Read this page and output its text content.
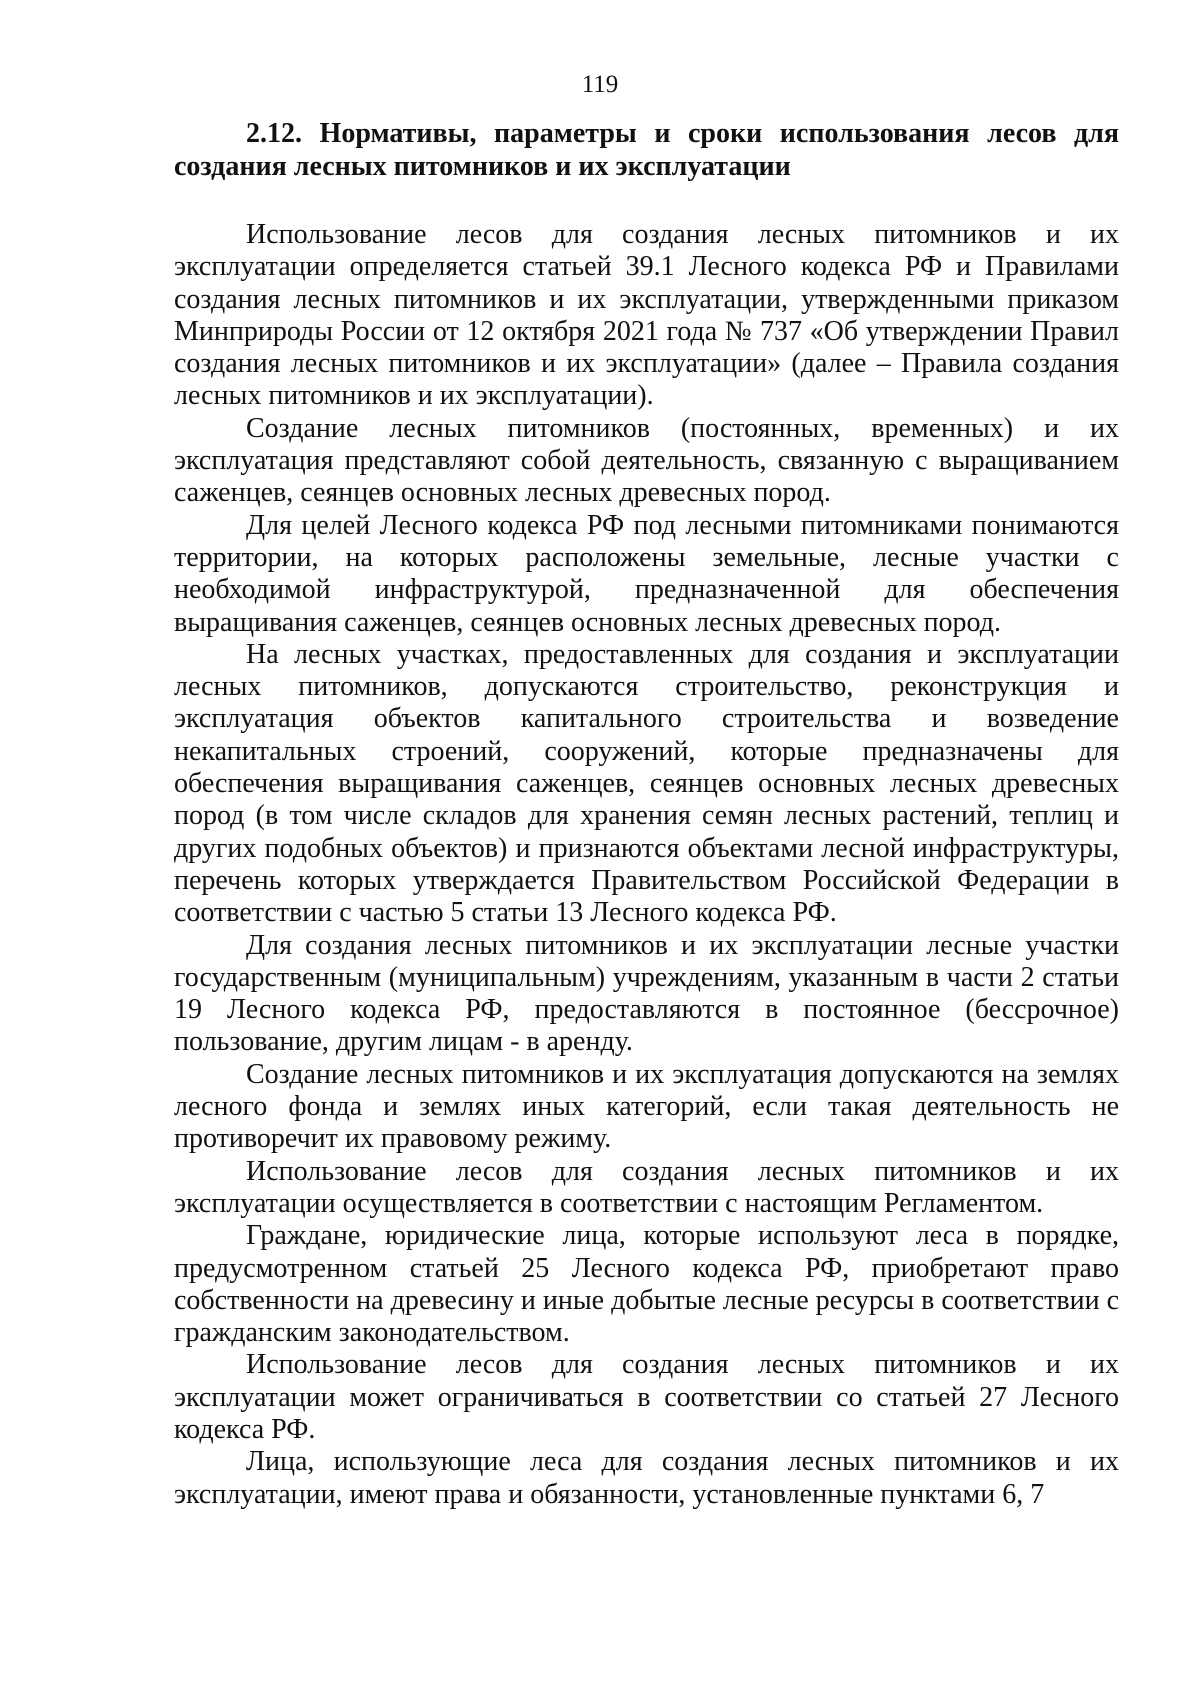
119

2.12. Нормативы, параметры и сроки использования лесов для создания лесных питомников и их эксплуатации

Использование лесов для создания лесных питомников и их эксплуатации определяется статьей 39.1 Лесного кодекса РФ и Правилами создания лесных питомников и их эксплуатации, утвержденными приказом Минприроды России от 12 октября 2021 года № 737 «Об утверждении Правил создания лесных питомников и их эксплуатации» (далее – Правила создания лесных питомников и их эксплуатации).

Создание лесных питомников (постоянных, временных) и их эксплуатация представляют собой деятельность, связанную с выращиванием саженцев, сеянцев основных лесных древесных пород.

Для целей Лесного кодекса РФ под лесными питомниками понимаются территории, на которых расположены земельные, лесные участки с необходимой инфраструктурой, предназначенной для обеспечения выращивания саженцев, сеянцев основных лесных древесных пород.

На лесных участках, предоставленных для создания и эксплуатации лесных питомников, допускаются строительство, реконструкция и эксплуатация объектов капитального строительства и возведение некапитальных строений, сооружений, которые предназначены для обеспечения выращивания саженцев, сеянцев основных лесных древесных пород (в том числе складов для хранения семян лесных растений, теплиц и других подобных объектов) и признаются объектами лесной инфраструктуры, перечень которых утверждается Правительством Российской Федерации в соответствии с частью 5 статьи 13 Лесного кодекса РФ.

Для создания лесных питомников и их эксплуатации лесные участки государственным (муниципальным) учреждениям, указанным в части 2 статьи 19 Лесного кодекса РФ, предоставляются в постоянное (бессрочное) пользование, другим лицам - в аренду.

Создание лесных питомников и их эксплуатация допускаются на землях лесного фонда и землях иных категорий, если такая деятельность не противоречит их правовому режиму.

Использование лесов для создания лесных питомников и их эксплуатации осуществляется в соответствии с настоящим Регламентом.

Граждане, юридические лица, которые используют леса в порядке, предусмотренном статьей 25 Лесного кодекса РФ, приобретают право собственности на древесину и иные добытые лесные ресурсы в соответствии с гражданским законодательством.

Использование лесов для создания лесных питомников и их эксплуатации может ограничиваться в соответствии со статьей 27 Лесного кодекса РФ.

Лица, использующие леса для создания лесных питомников и их эксплуатации, имеют права и обязанности, установленные пунктами 6, 7
